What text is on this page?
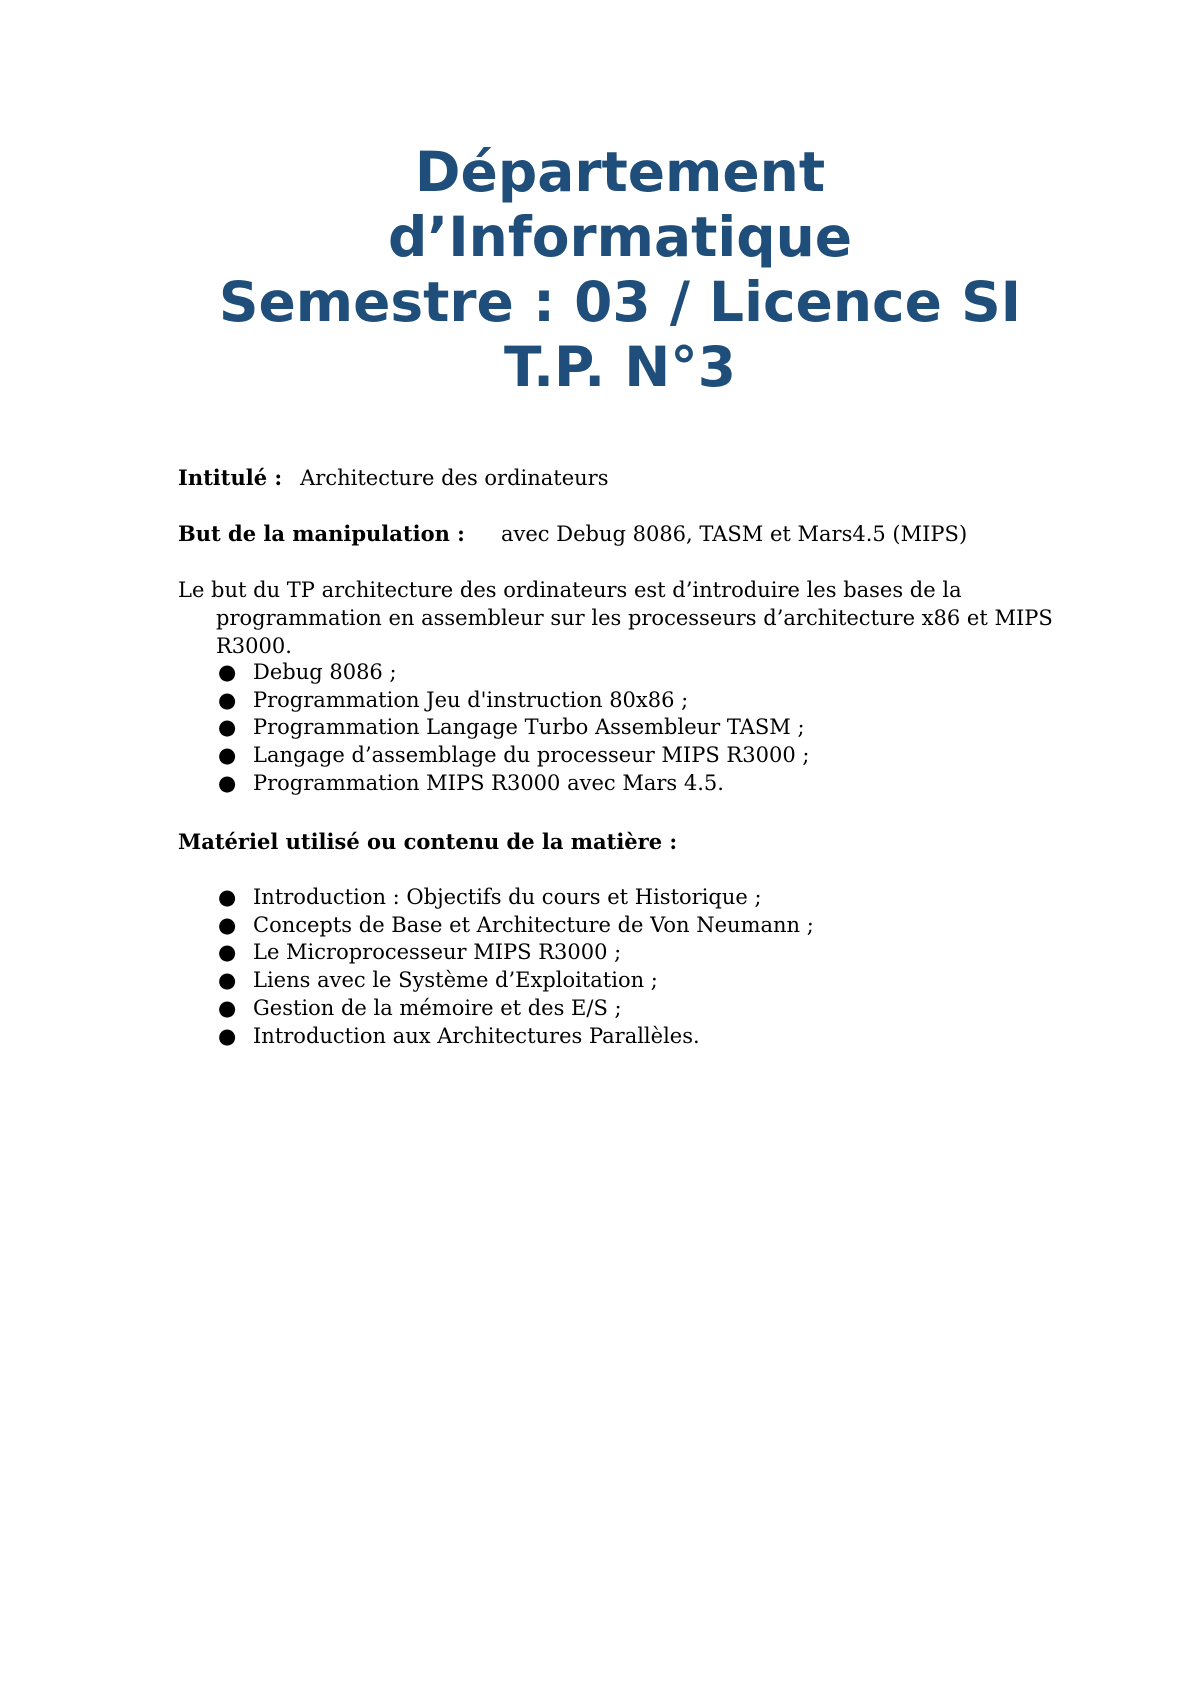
Département
d’Informatique
Semestre : 03 / Licence SI
T.P. N°3
Intitulé : Architecture des ordinateurs
But de la manipulation : avec Debug 8086, TASM et Mars4.5 (MIPS)
Le but du TP architecture des ordinateurs est d’introduire les bases de la programmation en assembleur sur les processeurs d’architecture x86 et MIPS R3000.
● Debug 8086 ;
● Programmation Jeu d'instruction 80x86 ;
● Programmation Langage Turbo Assembleur TASM ;
● Langage d’assemblage du processeur MIPS R3000 ;
● Programmation MIPS R3000 avec Mars 4.5.
Matériel utilisé ou contenu de la matière :
● Introduction : Objectifs du cours et Historique ;
● Concepts de Base et Architecture de Von Neumann ;
● Le Microprocesseur MIPS R3000 ;
● Liens avec le Système d’Exploitation ;
● Gestion de la mémoire et des E/S ;
● Introduction aux Architectures Parallèles.
